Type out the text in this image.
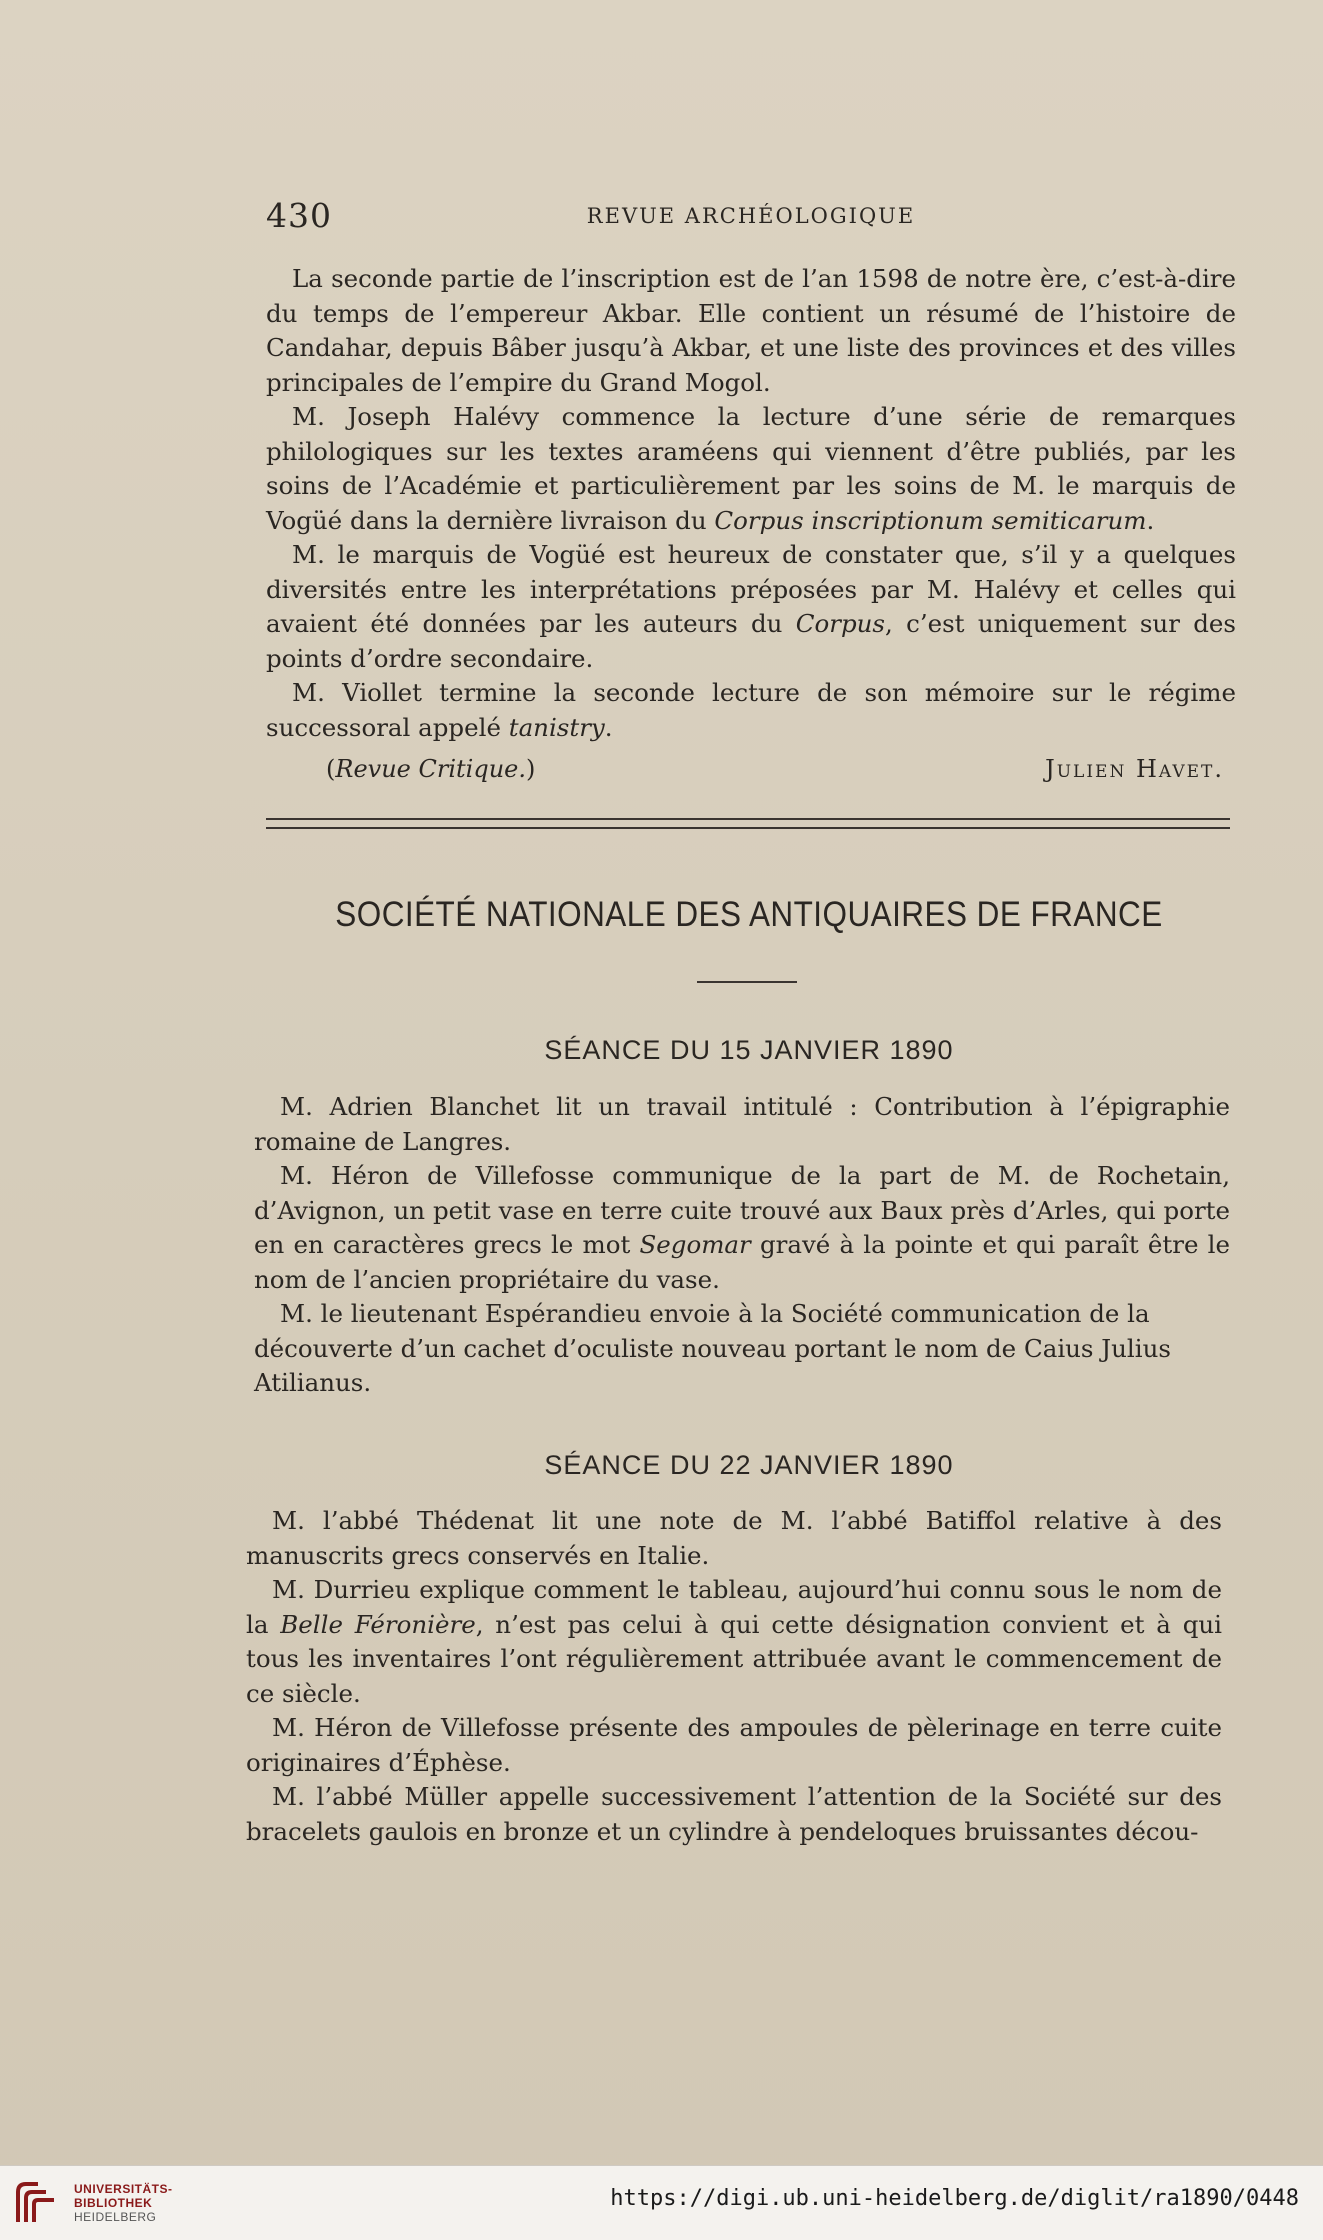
430	REVUE ARCHÉOLOGIQUE

La seconde partie de l’inscription est de l’an 1598 de notre ère, c’est-à-dire du temps de l’empereur Akbar. Elle contient un résumé de l’histoire de Candahar, depuis Bâber jusqu’à Akbar, et une liste des provinces et des villes principales de l’empire du Grand Mogol.

M. Joseph Halévy commence la lecture d’une série de remarques philologiques sur les textes araméens qui viennent d’être publiés, par les soins de l’Académie et particulièrement par les soins de M. le marquis de Vogüé dans la dernière livraison du Corpus inscriptionum semiticarum.

M. le marquis de Vogüé est heureux de constater que, s’il y a quelques diversités entre les interprétations préposées par M. Halévy et celles qui avaient été données par les auteurs du Corpus, c’est uniquement sur des points d’ordre secondaire.

M. Viollet termine la seconde lecture de son mémoire sur le régime successoral appelé tanistry.

(Revue Critique.)	Julien Havet.
SOCIÉTÉ NATIONALE DES ANTIQUAIRES DE FRANCE
SÉANCE DU 15 JANVIER 1890

M. Adrien Blanchet lit un travail intitulé : Contribution à l’épigraphie romaine de Langres.

M. Héron de Villefosse communique de la part de M. de Rochetain, d’Avignon, un petit vase en terre cuite trouvé aux Baux près d’Arles, qui porte en en caractères grecs le mot Segomar gravé à la pointe et qui paraît être le nom de l’ancien propriétaire du vase.

M. le lieutenant Espérandieu envoie à la Société communication de la découverte d’un cachet d’oculiste nouveau portant le nom de Caius Julius Atilianus.

SÉANCE DU 22 JANVIER 1890

M. l’abbé Thédenat lit une note de M. l’abbé Batiffol relative à des manuscrits grecs conservés en Italie.

M. Durrieu explique comment le tableau, aujourd’hui connu sous le nom de la Belle Féronière, n’est pas celui à qui cette désignation convient et à qui tous les inventaires l’ont régulièrement attribuée avant le commencement de ce siècle.

M. Héron de Villefosse présente des ampoules de pèlerinage en terre cuite originaires d’Éphèse.

M. l’abbé Müller appelle successivement l’attention de la Société sur des bracelets gaulois en bronze et un cylindre à pendeloques bruissantes décou-

UNIVERSITÄTS-
BIBLIOTHEK
HEIDELBERG
https://digi.ub.uni-heidelberg.de/diglit/ra1890/0448
